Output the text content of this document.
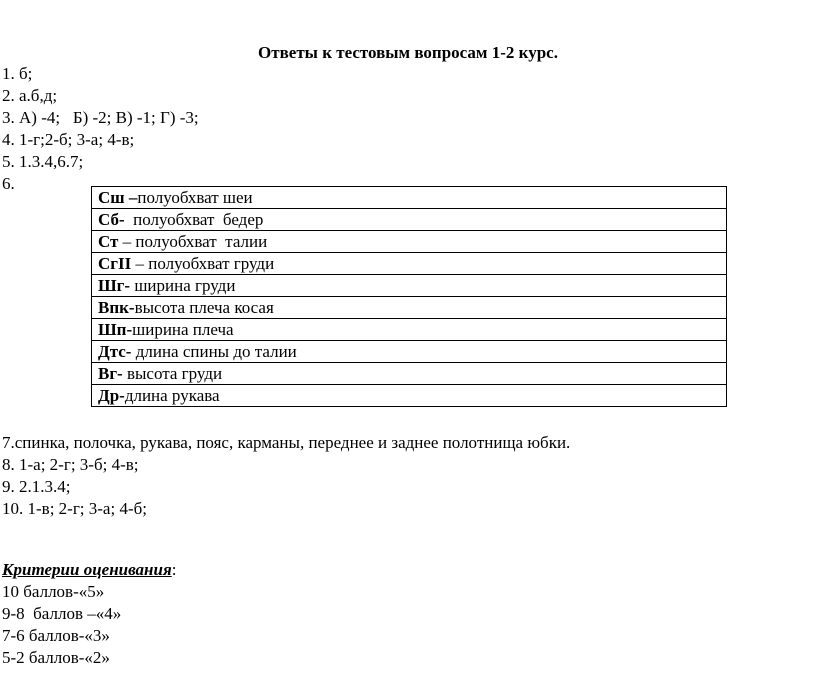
Ответы к тестовым вопросам 1-2 курс.
1. б;
2. а.б,д;
3. А) -4;   Б) -2; В) -1; Г) -3;
4. 1-г;2-б; 3-а; 4-в;
5. 1.3.4,6.7;
6.
Сш –полуобхват шеи
Сб-  полуобхват  бедер
Ст – полуобхват  талии
СгII – полуобхват груди
Шг- ширина груди
Впк-высота плеча косая
Шп-ширина плеча
Дтс- длина спины до талии
Вг- высота груди
Др-длина рукава
7.спинка, полочка, рукава, пояс, карманы, переднее и заднее полотнища юбки.
8. 1-а; 2-г; 3-б; 4-в;
9. 2.1.3.4;
10. 1-в; 2-г; 3-а; 4-б;
Критерии оценивания:
10 баллов-«5»
9-8  баллов –«4»
7-6 баллов-«3»
5-2 баллов-«2»
